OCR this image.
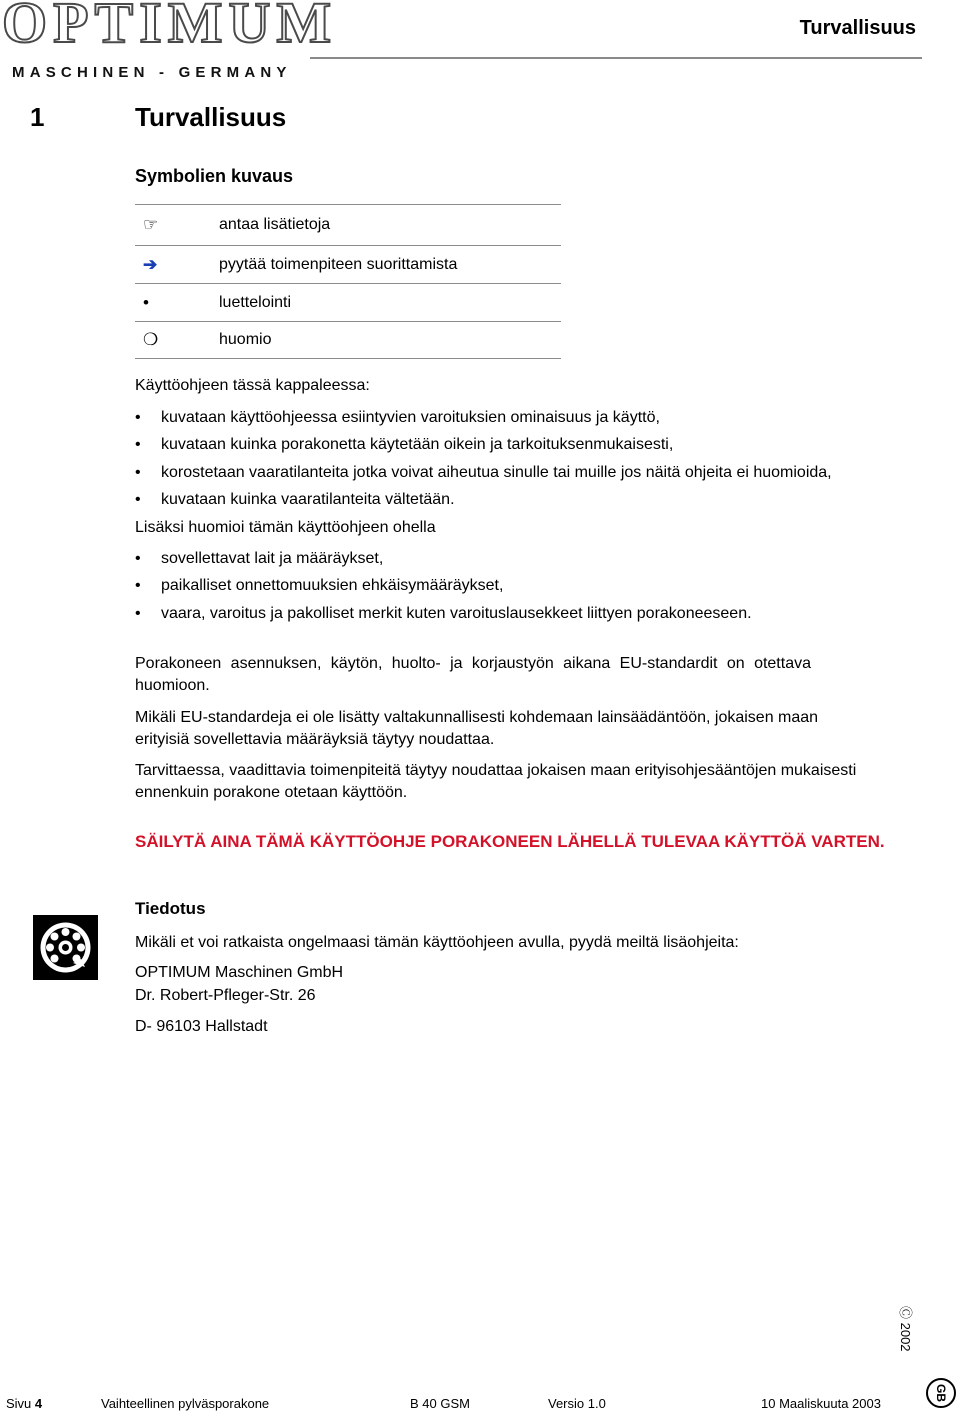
OPTIMUM
MASCHINEN - GERMANY
Turvallisuus
1	Turvallisuus
Symbolien kuvaus
☞	antaa lisätietoja
➔	pyytää toimenpiteen suorittamista
•	luettelointi
❍	huomio
Käyttöohjeen tässä kappaleessa:
•	kuvataan käyttöohjeessa esiintyvien varoituksien ominaisuus ja käyttö,
•	kuvataan kuinka porakonetta käytetään oikein ja tarkoituksenmukaisesti,
•	korostetaan vaaratilanteita jotka voivat aiheutua sinulle tai muille jos näitä ohjeita ei huomioida,
•	kuvataan kuinka vaaratilanteita vältetään.
Lisäksi huomioi tämän käyttöohjeen ohella
•	sovellettavat lait ja määräykset,
•	paikalliset onnettomuuksien ehkäisymääräykset,
•	vaara, varoitus ja pakolliset merkit kuten varoituslausekkeet liittyen porakoneeseen.
Porakoneen asennuksen, käytön, huolto- ja korjaustyön aikana EU-standardit on otettava huomioon.
Mikäli EU-standardeja ei ole lisätty valtakunnallisesti kohdemaan lainsäädäntöön, jokaisen maan erityisiä sovellettavia määräyksiä täytyy noudattaa.
Tarvittaessa, vaadittavia toimenpiteitä täytyy noudattaa jokaisen maan erityisohjesääntöjen mukaisesti ennenkuin porakone otetaan käyttöön.
SÄILYTÄ AINA TÄMÄ KÄYTTÖOHJE PORAKONEEN LÄHELLÄ TULEVAA KÄYTTÖÄ VARTEN.
Tiedotus
Mikäli et voi ratkaista ongelmaasi tämän käyttöohjeen avulla, pyydä meiltä lisäohjeita:
OPTIMUM Maschinen GmbH
Dr. Robert-Pfleger-Str. 26
D- 96103 Hallstadt
Ⓒ 2002
GB
Sivu 4	Vaihteellinen pylväsporakone	B 40 GSM	Versio 1.0	10 Maaliskuuta 2003
